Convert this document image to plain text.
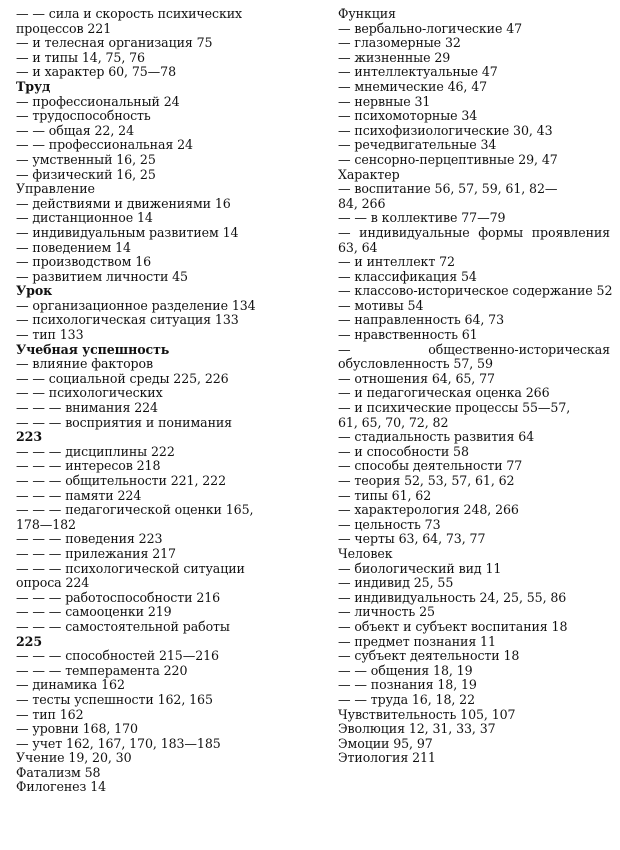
— — сила и скорость психических
процессов 221
— и телесная организация 75
— и типы 14, 75, 76
— и характер 60, 75—78
Труд
— профессиональный 24
— трудоспособность
— — общая 22, 24
— — профессиональная 24
— умственный 16, 25
— физический 16, 25
Управление
— действиями и движениями 16
— дистанционное 14
— индивидуальным развитием 14
— поведением 14
— производством 16
— развитием личности 45
Урок
— организационное разделение 134
— психологическая ситуация 133
— тип 133
Учебная успешность
— влияние факторов
— — социальной среды 225, 226
— — психологических
— — — внимания 224
— — — восприятия и понимания
223
— — — дисциплины 222
— — — интересов 218
— — — общительности 221, 222
— — — памяти 224
— — — педагогической оценки 165,
178—182
— — — поведения 223
— — — прилежания 217
— — — психологической ситуации
опроса 224
— — — работоспособности 216
— — — самооценки 219
— — — самостоятельной работы
225
— — — способностей 215—216
— — — темперамента 220
— динамика 162
— тесты успешности 162, 165
— тип 162
— уровни 168, 170
— учет 162, 167, 170, 183—185
Учение 19, 20, 30
Фатализм 58
Филогенез 14
Функция
— вербально-логические 47
— глазомерные 32
— жизненные 29
— интеллектуальные 47
— мнемические 46, 47
— нервные 31
— психомоторные 34
— психофизиологические 30, 43
— речедвигательные 34
— сенсорно-перцептивные 29, 47
Характер
— воспитание 56, 57, 59, 61, 82—
84, 266
— — в коллективе 77—79
— индивидуальные формы проявления 63, 64
— и интеллект 72
— классификация 54
— классово-историческое содержание 52
— мотивы 54
— направленность 64, 73
— нравственность 61
— общественно-историческая обусловленность 57, 59
— отношения 64, 65, 77
— и педагогическая оценка 266
— и психические процессы 55—57,
61, 65, 70, 72, 82
— стадиальность развития 64
— и способности 58
— способы деятельности 77
— теория 52, 53, 57, 61, 62
— типы 61, 62
— характерология 248, 266
— цельность 73
— черты 63, 64, 73, 77
Человек
— биологический вид 11
— индивид 25, 55
— индивидуальность 24, 25, 55, 86
— личность 25
— объект и субъект воспитания 18
— предмет познания 11
— субъект деятельности 18
— — общения 18, 19
— — познания 18, 19
— — труда 16, 18, 22
Чувствительность 105, 107
Эволюция 12, 31, 33, 37
Эмоции 95, 97
Этиология 211
